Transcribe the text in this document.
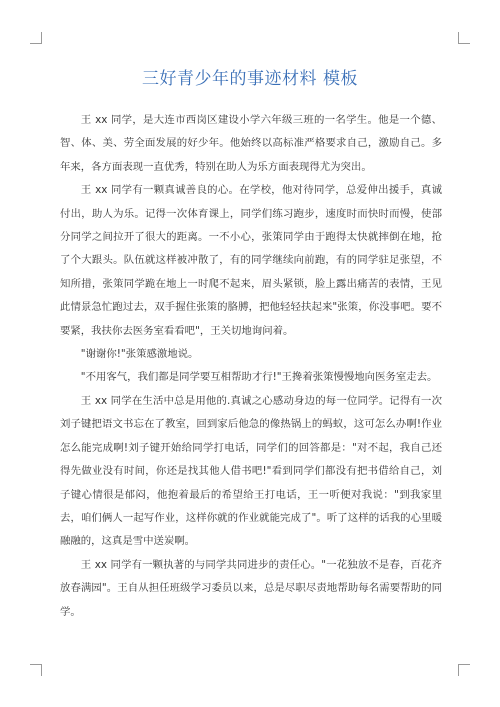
三好青少年的事迹材料 模板

王 xx 同学，是大连市西岗区建设小学六年级三班的一名学生。他是一个德、智、体、美、劳全面发展的好少年。他始终以高标准严格要求自己，激励自己。多年来，各方面表现一直优秀，特别在助人为乐方面表现得尤为突出。

王 xx 同学有一颗真诚善良的心。在学校，他对待同学，总爱伸出援手，真诚付出，助人为乐。记得一次体育课上，同学们练习跑步，速度时而快时而慢，使部分同学之间拉开了很大的距离。一不小心，张策同学由于跑得太快就摔倒在地，抢了个大跟头。队伍就这样被冲散了，有的同学继续向前跑，有的同学驻足张望，不知所措，张策同学跪在地上一时爬不起来，眉头紧锁，脸上露出痛苦的表情，王见此情景急忙跑过去，双手握住张策的胳膊，把他轻轻扶起来"张策，你没事吧。要不要紧，我扶你去医务室看看吧"，王关切地询问着。

"谢谢你!"张策感激地说。

"不用客气，我们都是同学要互相帮助才行!"王搀着张策慢慢地向医务室走去。

王 xx 同学在生活中总是用他的.真诚之心感动身边的每一位同学。记得有一次刘子键把语文书忘在了教室，回到家后他急的像热锅上的蚂蚁，这可怎么办啊!作业怎么能完成啊!刘子键开始给同学打电话，同学们的回答都是："对不起，我自己还得先做业没有时间，你还是找其他人借书吧!"看到同学们都没有把书借给自己，刘子键心情很是郁闷，他抱着最后的希望给王打电话，王一听便对我说："到我家里去，咱们俩人一起写作业，这样你就的作业就能完成了"。听了这样的话我的心里暖融融的，这真是雪中送炭啊。

王 xx 同学有一颗执著的与同学共同进步的责任心。"一花独放不是春，百花齐放春满园"。王自从担任班级学习委员以来，总是尽职尽责地帮助每名需要帮助的同学。
